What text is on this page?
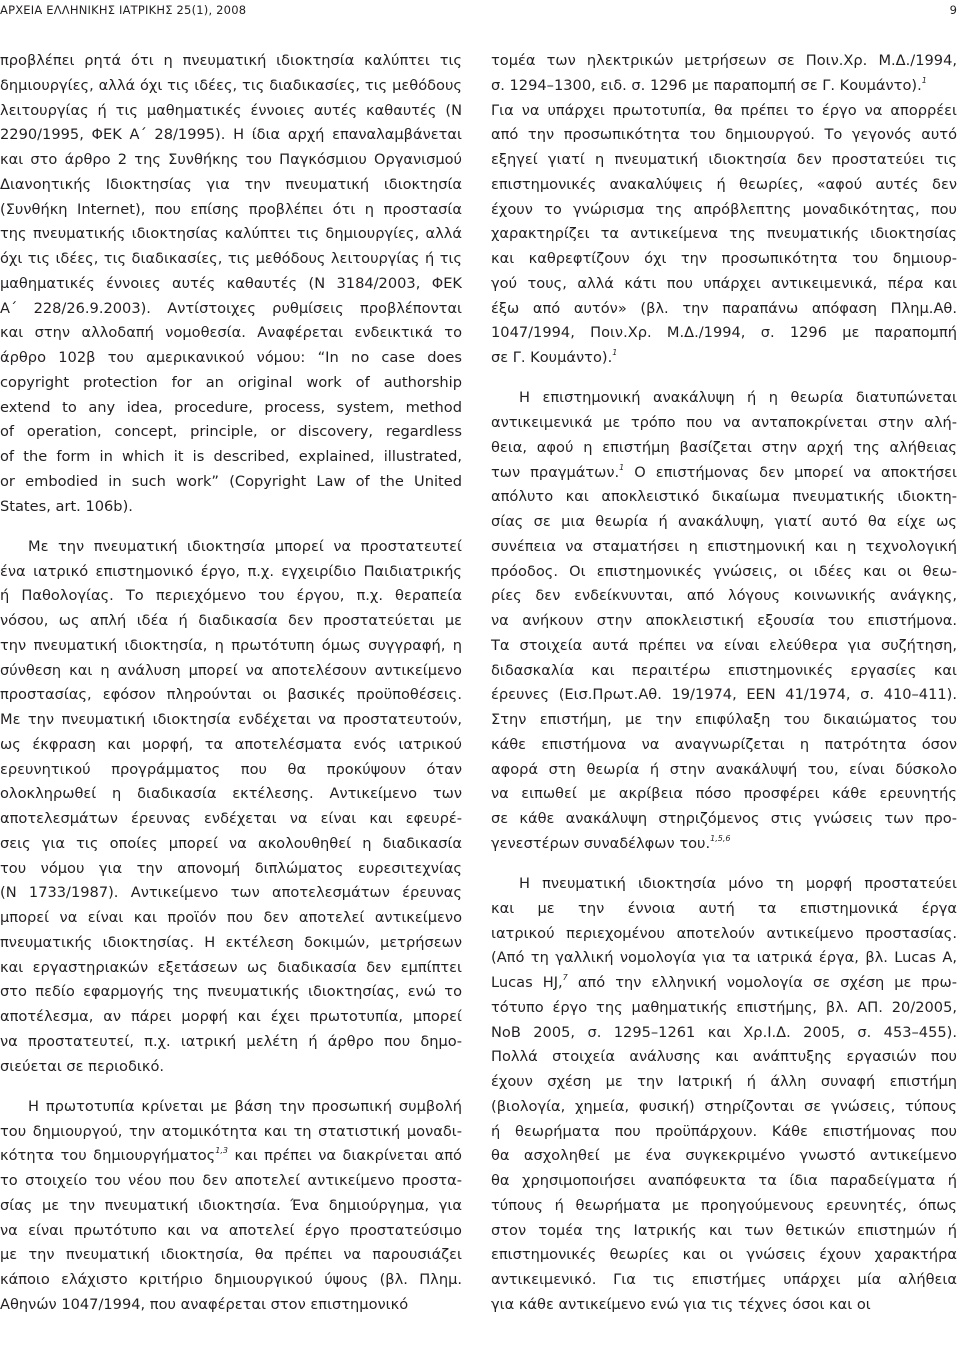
ΑΡΧΕΙΑ ΕΛΛΗΝΙΚΗΣ ΙΑΤΡΙΚΗΣ 25(1), 2008	9
προβλέπει ρητά ότι η πνευματική ιδιοκτησία καλύπτει τις
δημιουργίες, αλλά όχι τις ιδέες, τις διαδικασίες, τις μεθόδους
λειτουργίας ή τις μαθηματικές έννοιες αυτές καθαυτές (Ν
2290/1995, ΦΕΚ Α΄ 28/1995). Η ίδια αρχή επαναλαμβάνεται
και στο άρθρο 2 της Συνθήκης του Παγκόσμιου Οργανισμού
Διανοητικής Ιδιοκτησίας για την πνευματική ιδιοκτησία
(Συνθήκη Internet), που επίσης προβλέπει ότι η προστασία
της πνευματικής ιδιοκτησίας καλύπτει τις δημιουργίες, αλλά
όχι τις ιδέες, τις διαδικασίες, τις μεθόδους λειτουργίας ή τις
μαθηματικές έννοιες αυτές καθαυτές (Ν 3184/2003, ΦΕΚ
Α΄ 228/26.9.2003). Αντίστοιχες ρυθμίσεις προβλέπονται
και στην αλλοδαπή νομοθεσία. Αναφέρεται ενδεικτικά το
άρθρο 102β του αμερικανικού νόμου: “In no case does
copyright protection for an original work of authorship
extend to any idea, procedure, process, system, method
of operation, concept, principle, or discovery, regardless
of the form in which it is described, explained, illustrated,
or embodied in such work” (Copyright Law of the United
States, art. 106b).
Με την πνευματική ιδιοκτησία μπορεί να προστατευτεί
ένα ιατρικό επιστημονικό έργο, π.χ. εγχειρίδιο Παιδιατρικής
ή Παθολογίας. Το περιεχόμενο του έργου, π.χ. θεραπεία
νόσου, ως απλή ιδέα ή διαδικασία δεν προστατεύεται με
την πνευματική ιδιοκτησία, η πρωτότυπη όμως συγγραφή, η
σύνθεση και η ανάλυση μπορεί να αποτελέσουν αντικείμενο
προστασίας, εφόσον πληρούνται οι βασικές προϋποθέσεις.
Με την πνευματική ιδιοκτησία ενδέχεται να προστατευτούν,
ως έκφραση και μορφή, τα αποτελέσματα ενός ιατρικού
ερευνητικού προγράμματος που θα προκύψουν όταν
ολοκληρωθεί η διαδικασία εκτέλεσης. Αντικείμενο των
αποτελεσμάτων έρευνας ενδέχεται να είναι και εφευρέ-
σεις για τις οποίες μπορεί να ακολουθηθεί η διαδικασία
του νόμου για την απονομή διπλώματος ευρεσιτεχνίας
(Ν 1733/1987). Αντικείμενο των αποτελεσμάτων έρευνας
μπορεί να είναι και προϊόν που δεν αποτελεί αντικείμενο
πνευματικής ιδιοκτησίας. Η εκτέλεση δοκιμών, μετρήσεων
και εργαστηριακών εξετάσεων ως διαδικασία δεν εμπίπτει
στο πεδίο εφαρμογής της πνευματικής ιδιοκτησίας, ενώ το
αποτέλεσμα, αν πάρει μορφή και έχει πρωτοτυπία, μπορεί
να προστατευτεί, π.χ. ιατρική μελέτη ή άρθρο που δημο-
σιεύεται σε περιοδικό.
Η πρωτοτυπία κρίνεται με βάση την προσωπική συμβολή
του δημιουργού, την ατομικότητα και τη στατιστική μοναδι-
κότητα του δημιουργήματος$^{1,3}$ και πρέπει να διακρίνεται από
το στοιχείο του νέου που δεν αποτελεί αντικείμενο προστα-
σίας με την πνευματική ιδιοκτησία. Ένα δημιούργημα, για
να είναι πρωτότυπο και να αποτελεί έργο προστατεύσιμο
με την πνευματική ιδιοκτησία, θα πρέπει να παρουσιάζει
κάποιο ελάχιστο κριτήριο δημιουργικού ύψους (βλ. Πλημ.
Αθηνών 1047/1994, που αναφέρεται στον επιστημονικό
τομέα των ηλεκτρικών μετρήσεων σε Ποιν.Χρ. Μ.Δ./1994,
σ. 1294–1300, ειδ. σ. 1296 με παραπομπή σε Γ. Κουμάντο).$^1$
Για να υπάρχει πρωτοτυπία, θα πρέπει το έργο να απορρέει
από την προσωπικότητα του δημιουργού. Το γεγονός αυτό
εξηγεί γιατί η πνευματική ιδιοκτησία δεν προστατεύει τις
επιστημονικές ανακαλύψεις ή θεωρίες, «αφού αυτές δεν
έχουν το γνώρισμα της απρόβλεπτης μοναδικότητας, που
χαρακτηρίζει τα αντικείμενα της πνευματικής ιδιοκτησίας
και καθρεφτίζουν όχι την προσωπικότητα του δημιουρ-
γού τους, αλλά κάτι που υπάρχει αντικειμενικά, πέρα και
έξω από αυτόν» (βλ. την παραπάνω απόφαση Πλημ.Αθ.
1047/1994, Ποιν.Χρ. Μ.Δ./1994, σ. 1296 με παραπομπή
σε Γ. Κουμάντο).$^1$
Η επιστημονική ανακάλυψη ή η θεωρία διατυπώνεται
αντικειμενικά με τρόπο που να ανταποκρίνεται στην αλή-
θεια, αφού η επιστήμη βασίζεται στην αρχή της αλήθειας
των πραγμάτων.$^1$ Ο επιστήμονας δεν μπορεί να αποκτήσει
απόλυτο και αποκλειστικό δικαίωμα πνευματικής ιδιοκτη-
σίας σε μια θεωρία ή ανακάλυψη, γιατί αυτό θα είχε ως
συνέπεια να σταματήσει η επιστημονική και η τεχνολογική
πρόοδος. Οι επιστημονικές γνώσεις, οι ιδέες και οι θεω-
ρίες δεν ενδείκνυνται, από λόγους κοινωνικής ανάγκης,
να ανήκουν στην αποκλειστική εξουσία του επιστήμονα.
Τα στοιχεία αυτά πρέπει να είναι ελεύθερα για συζήτηση,
διδασκαλία και περαιτέρω επιστημονικές εργασίες και
έρευνες (Εισ.Πρωτ.Αθ. 19/1974, ΕΕΝ 41/1974, σ. 410–411).
Στην επιστήμη, με την επιφύλαξη του δικαιώματος του
κάθε επιστήμονα να αναγνωρίζεται η πατρότητα όσον
αφορά στη θεωρία ή στην ανακάλυψή του, είναι δύσκολο
να ειπωθεί με ακρίβεια πόσο προσφέρει κάθε ερευνητής
σε κάθε ανακάλυψη στηριζόμενος στις γνώσεις των προ-
γενεστέρων συναδέλφων του.$^{1,5,6}$
Η πνευματική ιδιοκτησία μόνο τη μορφή προστατεύει
και με την έννοια αυτή τα επιστημονικά έργα
ιατρικού περιεχομένου αποτελούν αντικείμενο προστασίας.
(Από τη γαλλική νομολογία για τα ιατρικά έργα, βλ. Lucas A,
Lucas HJ,$^7$ από την ελληνική νομολογία σε σχέση με πρω-
τότυπο έργο της μαθηματικής επιστήμης, βλ. ΑΠ. 20/2005,
ΝοΒ 2005, σ. 1295–1261 και Χρ.Ι.Δ. 2005, σ. 453–455).
Πολλά στοιχεία ανάλυσης και ανάπτυξης εργασιών που
έχουν σχέση με την Ιατρική ή άλλη συναφή επιστήμη
(βιολογία, χημεία, φυσική) στηρίζονται σε γνώσεις, τύπους
ή θεωρήματα που προϋπάρχουν. Κάθε επιστήμονας που
θα ασχοληθεί με ένα συγκεκριμένο γνωστό αντικείμενο
θα χρησιμοποιήσει αναπόφευκτα τα ίδια παραδείγματα ή
τύπους ή θεωρήματα με προηγούμενους ερευνητές, όπως
στον τομέα της Ιατρικής και των θετικών επιστημών ή
επιστημονικές θεωρίες και οι γνώσεις έχουν χαρακτήρα
αντικειμενικό. Για τις επιστήμες υπάρχει μία αλήθεια
για κάθε αντικείμενο ενώ για τις τέχνες όσοι και οι
